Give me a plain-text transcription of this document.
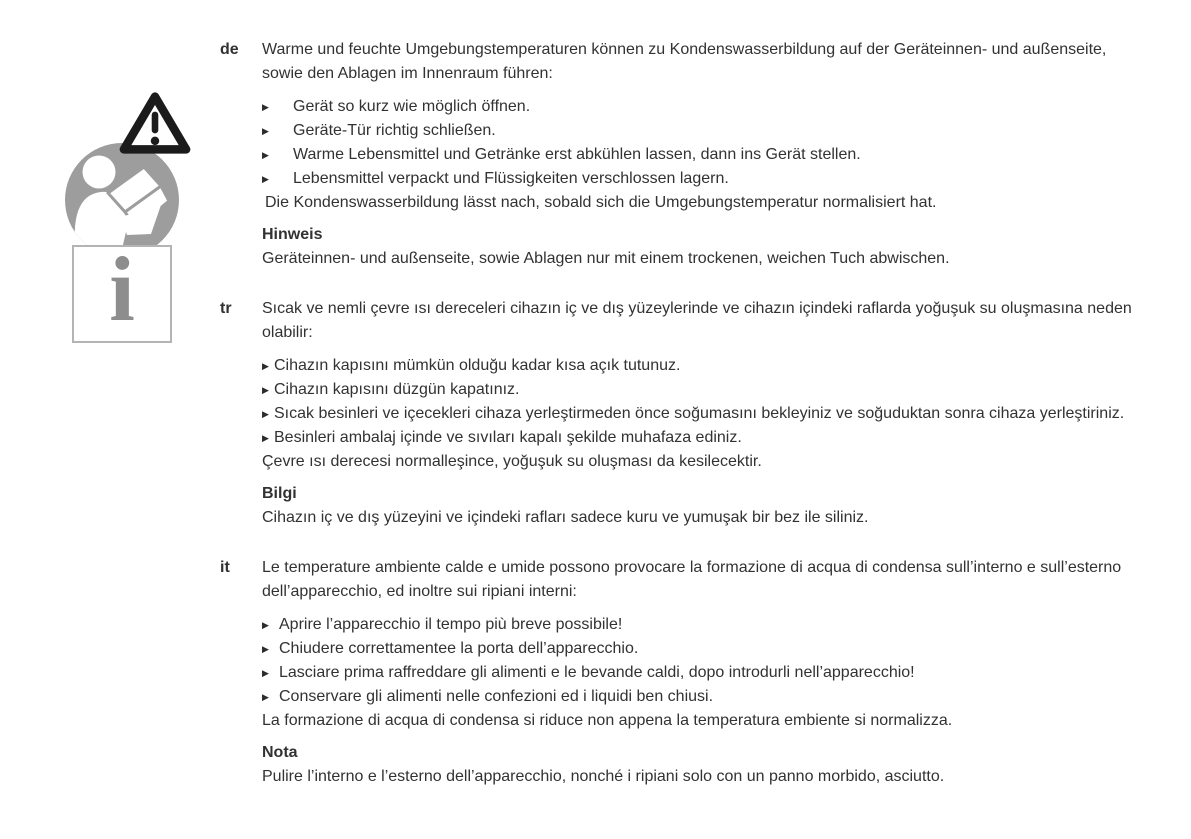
i
de Warme und feuchte Umgebungstemperaturen können zu Kondenswasserbildung auf der Geräteinnen- und außenseite, sowie den Ablagen im Innenraum führen:

▶	Gerät so kurz wie möglich öffnen.
▶	Geräte-Tür richtig schließen.
▶	Warme Lebensmittel und Getränke erst abkühlen lassen, dann ins Gerät stellen.
▶	Lebensmittel verpackt und Flüssigkeiten verschlossen lagern.

Die Kondenswasserbildung lässt nach, sobald sich die Umgebungstemperatur normalisiert hat.

Hinweis

Geräteinnen- und außenseite, sowie Ablagen nur mit einem trockenen, weichen Tuch abwischen.

tr Sıcak ve nemli çevre ısı dereceleri cihazın iç ve dış yüzeylerinde ve cihazın içindeki raflarda yoğuşuk su oluşmasına neden olabilir:

▶ Cihazın kapısını mümkün olduğu kadar kısa açık tutunuz.
▶ Cihazın kapısını düzgün kapatınız.
▶ Sıcak besinleri ve içecekleri cihaza yerleştirmeden önce soğumasını bekleyiniz ve soğuduktan sonra cihaza yerleştiriniz.
▶ Besinleri ambalaj içinde ve sıvıları kapalı şekilde muhafaza ediniz.

Çevre ısı derecesi normalleşince, yoğuşuk su oluşması da kesilecektir.

Bilgi

Cihazın iç ve dış yüzeyini ve içindeki rafları sadece kuru ve yumuşak bir bez ile siliniz.

it Le temperature ambiente calde e umide possono provocare la formazione di acqua di condensa sull’interno e sull’esterno dell’apparecchio, ed inoltre sui ripiani interni:

▶ Aprire l’apparecchio il tempo più breve possibile!
▶ Chiudere correttamentee la porta dell’apparecchio.
▶ Lasciare prima raffreddare gli alimenti e le bevande caldi, dopo introdurli nell’apparecchio!
▶ Conservare gli alimenti nelle confezioni ed i liquidi ben chiusi.

La formazione di acqua di condensa si riduce non appena la temperatura embiente si normalizza.

Nota

Pulire l’interno e l’esterno dell’apparecchio, nonché i ripiani solo con un panno morbido, asciutto.
